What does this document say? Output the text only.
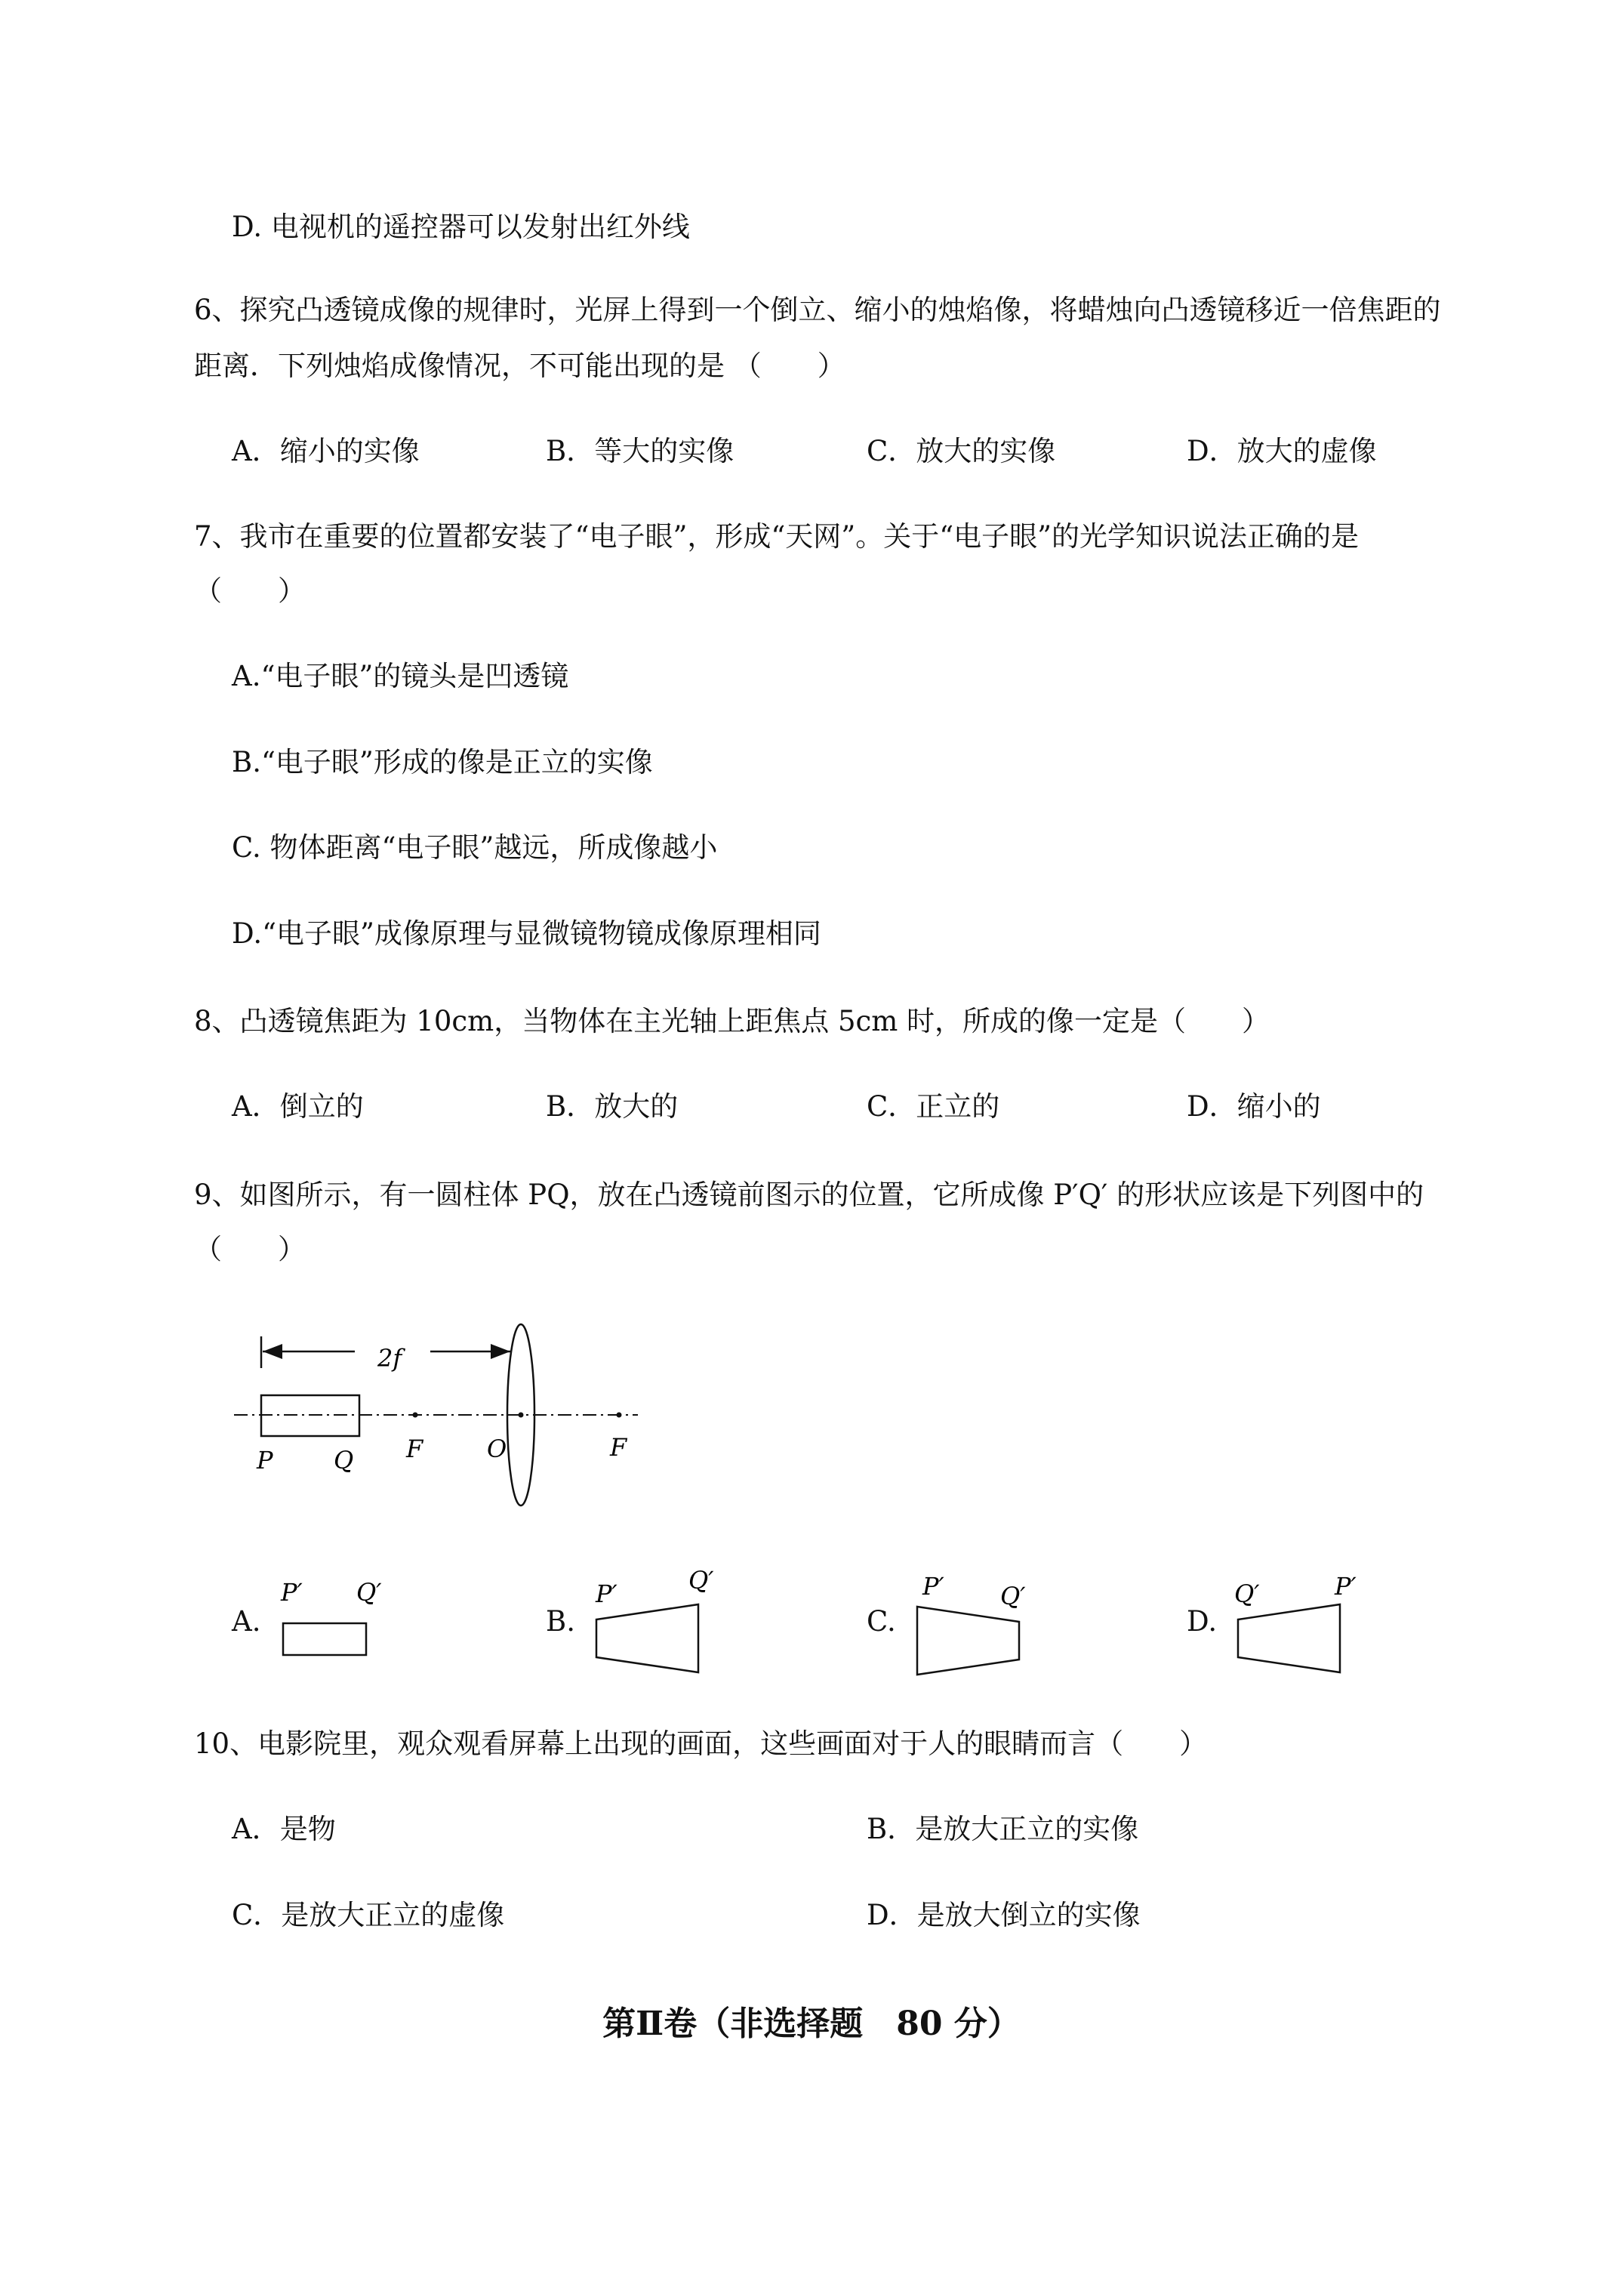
D. 电视机的遥控器可以发射出红外线
6、探究凸透镜成像的规律时，光屏上得到一个倒立、缩小的烛焰像，将蜡烛向凸透镜移近一倍焦距的
距离．下列烛焰成像情况，不可能出现的是 （　　）
A．缩小的实像	B．等大的实像	C．放大的实像	D．放大的虚像
7、我市在重要的位置都安装了“电子眼”，形成“天网”。关于“电子眼”的光学知识说法正确的是
（　　）
A.“电子眼”的镜头是凹透镜
B.“电子眼”形成的像是正立的实像
C. 物体距离“电子眼”越远，所成像越小
D.“电子眼”成像原理与显微镜物镜成像原理相同
8、凸透镜焦距为 10cm，当物体在主光轴上距焦点 5cm 时，所成的像一定是（　　）
A．倒立的	B．放大的	C．正立的	D．缩小的
9、如图所示，有一圆柱体 PQ，放在凸透镜前图示的位置，它所成像 P′Q′ 的形状应该是下列图中的
（　　）
2f
P	Q F	O	F
A.
P′ Q′
B.
P′	Q′
C.
P′ Q′
D.
Q′	P′
10、电影院里，观众观看屏幕上出现的画面，这些画面对于人的眼睛而言（　　）
A．是物	B．是放大正立的实像
C．是放大正立的虚像	D．是放大倒立的实像
第Ⅱ卷（非选择题　80 分）
